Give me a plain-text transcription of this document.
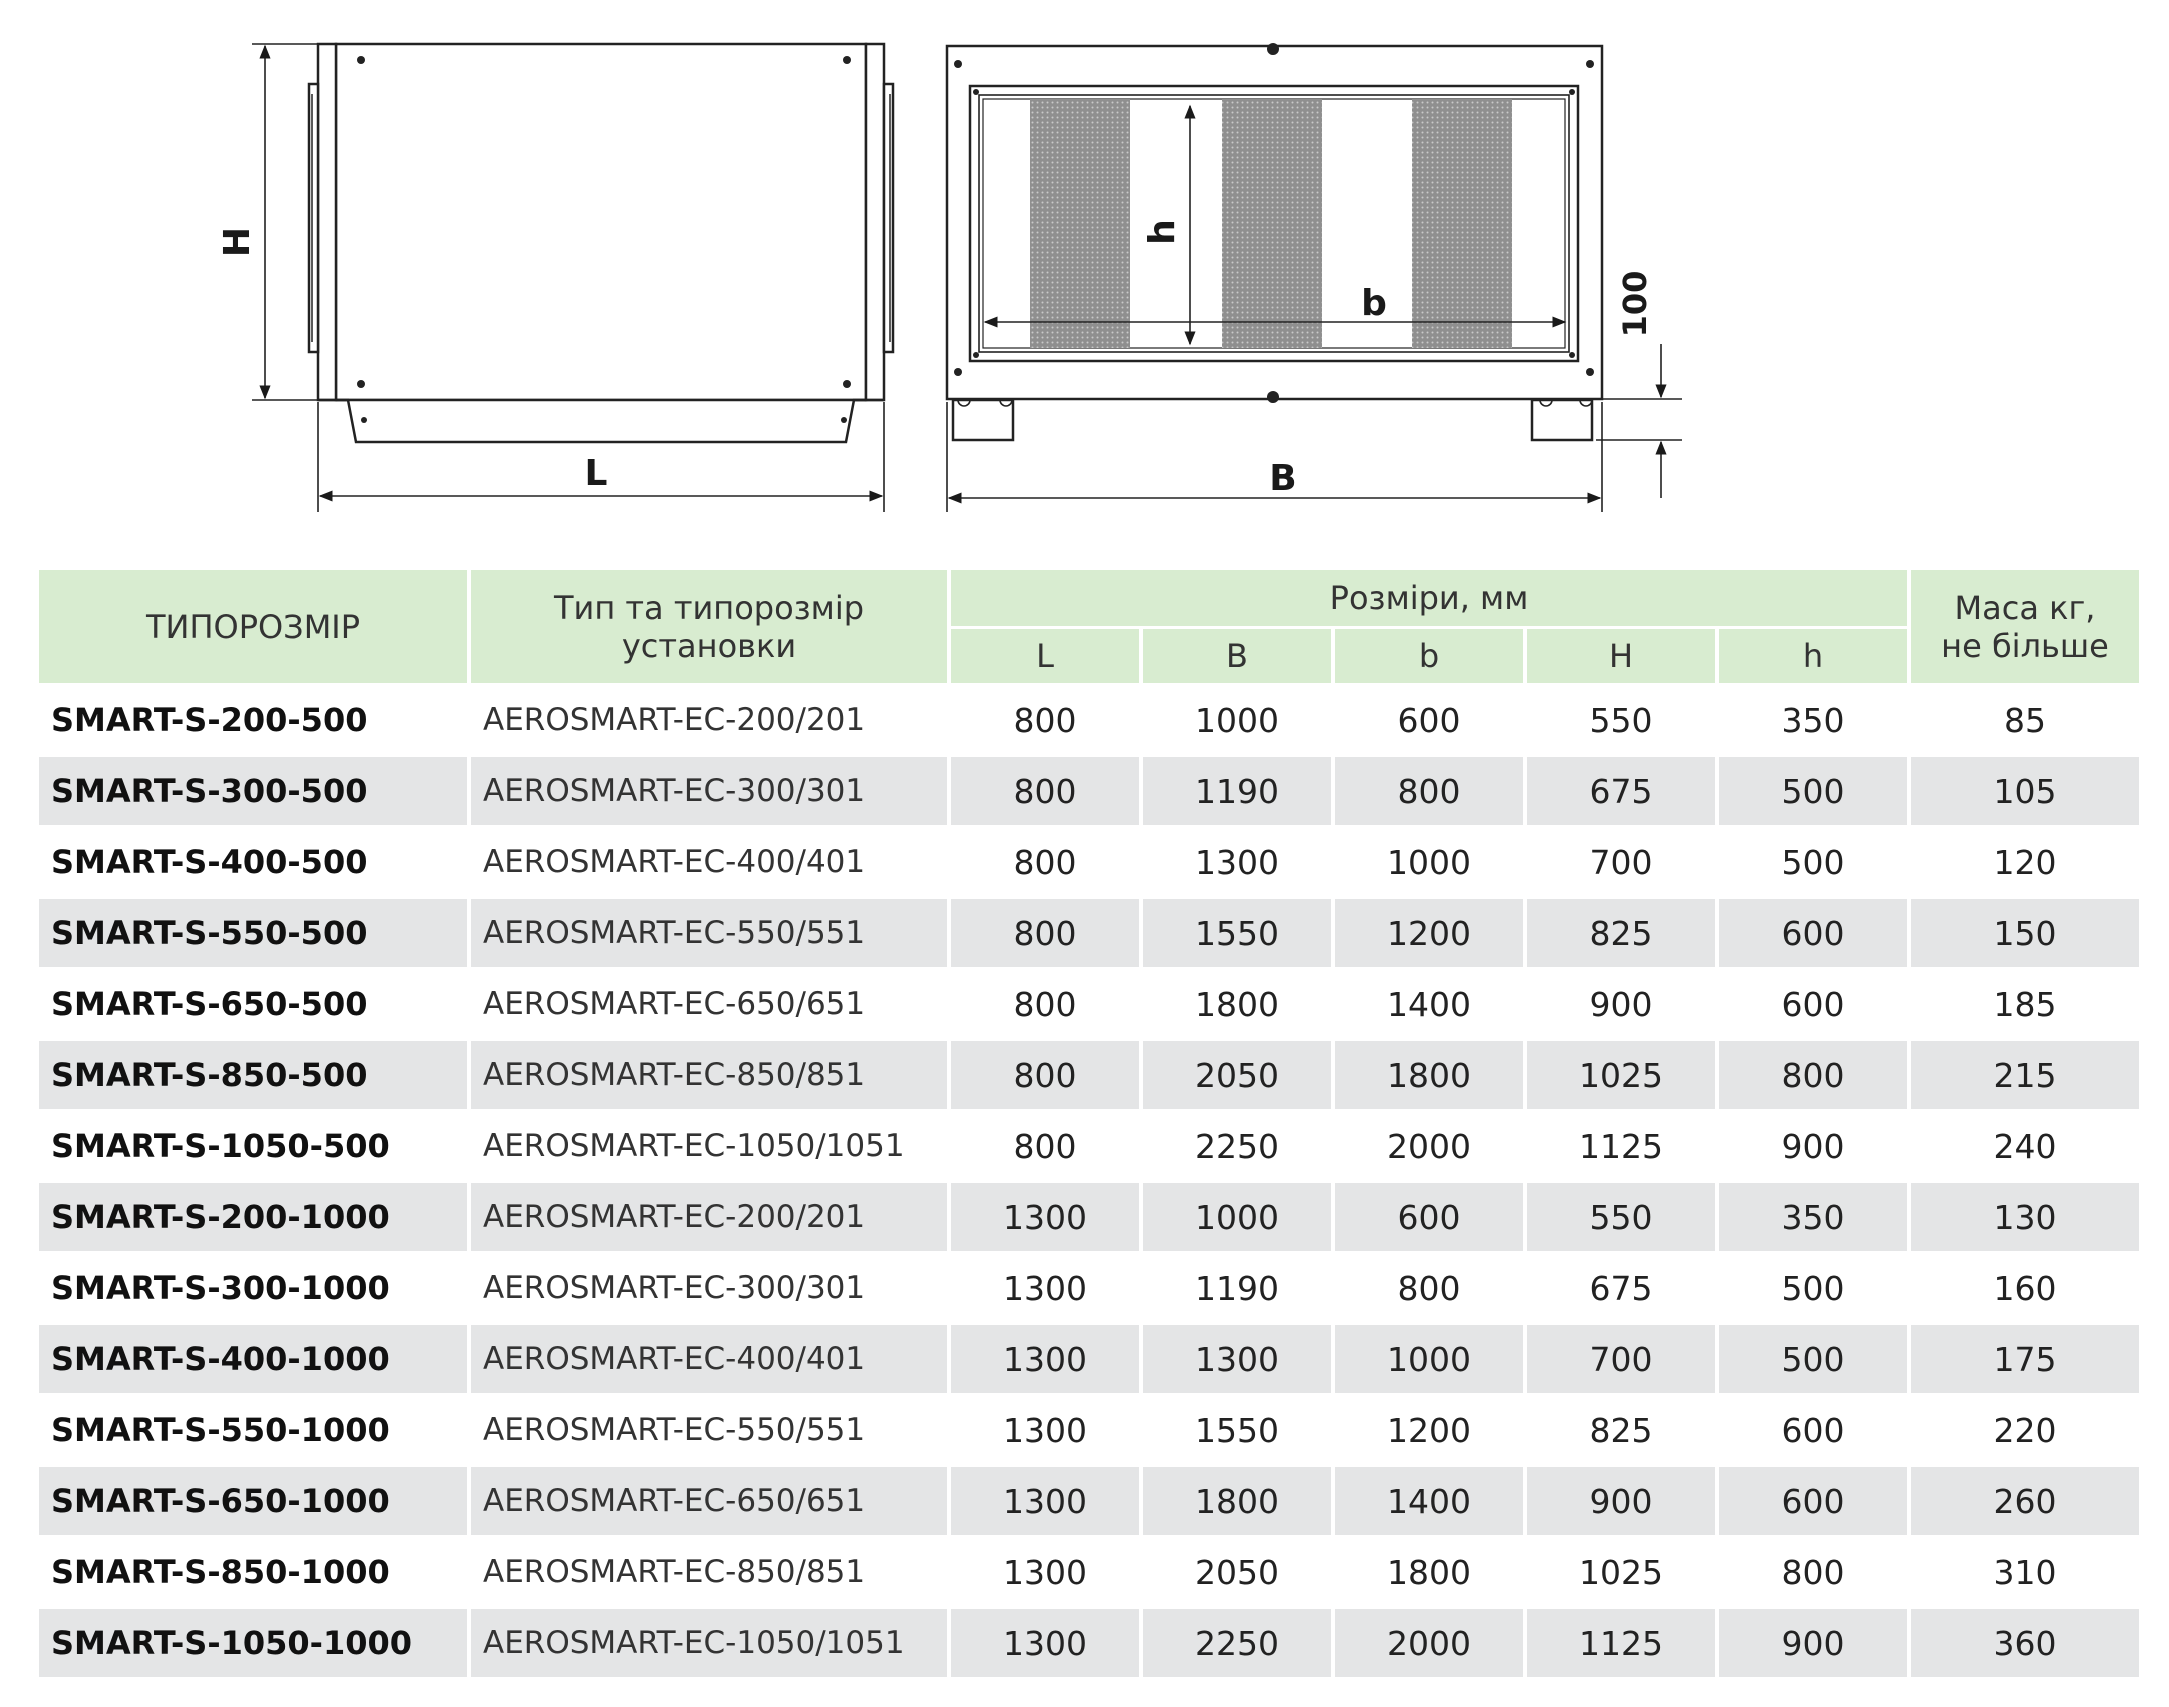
H
L
h
b
B
100
ТИПОРОЗМІР	Тип та типорозмір установки	Розміри, мм					Маса кг,
не більше
		L	B	b	H	h	
SMART-S-200-500	AEROSMART-EC-200/201	800	1000	600	550	350	85
SMART-S-300-500	AEROSMART-EC-300/301	800	1190	800	675	500	105
SMART-S-400-500	AEROSMART-EC-400/401	800	1300	1000	700	500	120
SMART-S-550-500	AEROSMART-EC-550/551	800	1550	1200	825	600	150
SMART-S-650-500	AEROSMART-EC-650/651	800	1800	1400	900	600	185
SMART-S-850-500	AEROSMART-EC-850/851	800	2050	1800	1025	800	215
SMART-S-1050-500	AEROSMART-EC-1050/1051	800	2250	2000	1125	900	240
SMART-S-200-1000	AEROSMART-EC-200/201	1300	1000	600	550	350	130
SMART-S-300-1000	AEROSMART-EC-300/301	1300	1190	800	675	500	160
SMART-S-400-1000	AEROSMART-EC-400/401	1300	1300	1000	700	500	175
SMART-S-550-1000	AEROSMART-EC-550/551	1300	1550	1200	825	600	220
SMART-S-650-1000	AEROSMART-EC-650/651	1300	1800	1400	900	600	260
SMART-S-850-1000	AEROSMART-EC-850/851	1300	2050	1800	1025	800	310
SMART-S-1050-1000	AEROSMART-EC-1050/1051	1300	2250	2000	1125	900	360
